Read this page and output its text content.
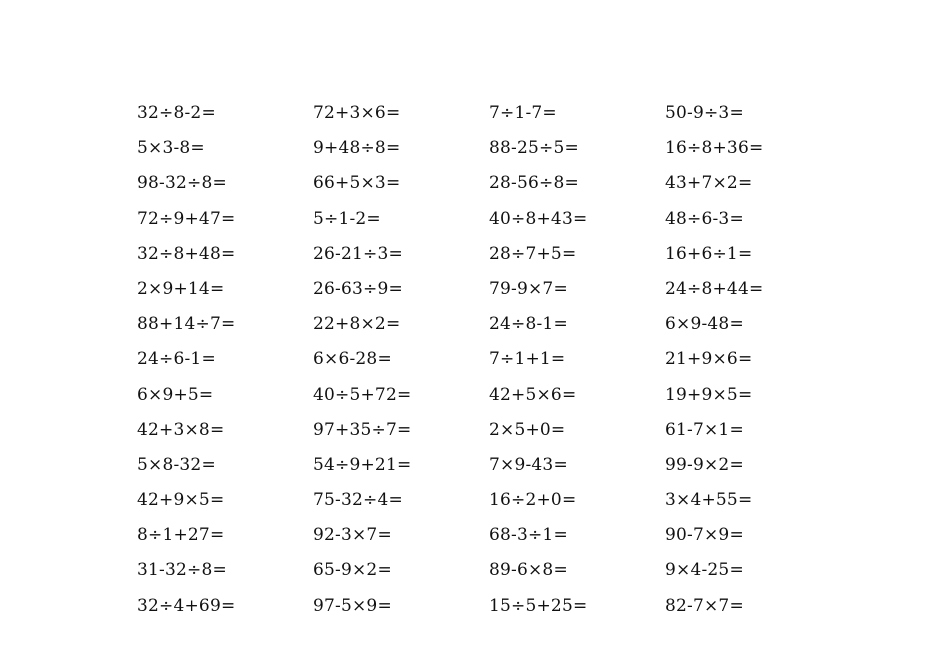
32÷8-2=	72+3×6=	7÷1-7=	50-9÷3=
5×3-8=	9+48÷8=	88-25÷5=	16÷8+36=
98-32÷8=	66+5×3=	28-56÷8=	43+7×2=
72÷9+47=	5÷1-2=	40÷8+43=	48÷6-3=
32÷8+48=	26-21÷3=	28÷7+5=	16+6÷1=
2×9+14=	26-63÷9=	79-9×7=	24÷8+44=
88+14÷7=	22+8×2=	24÷8-1=	6×9-48=
24÷6-1=	6×6-28=	7÷1+1=	21+9×6=
6×9+5=	40÷5+72=	42+5×6=	19+9×5=
42+3×8=	97+35÷7=	2×5+0=	61-7×1=
5×8-32=	54÷9+21=	7×9-43=	99-9×2=
42+9×5=	75-32÷4=	16÷2+0=	3×4+55=
8÷1+27=	92-3×7=	68-3÷1=	90-7×9=
31-32÷8=	65-9×2=	89-6×8=	9×4-25=
32÷4+69=	97-5×9=	15÷5+25=	82-7×7=
